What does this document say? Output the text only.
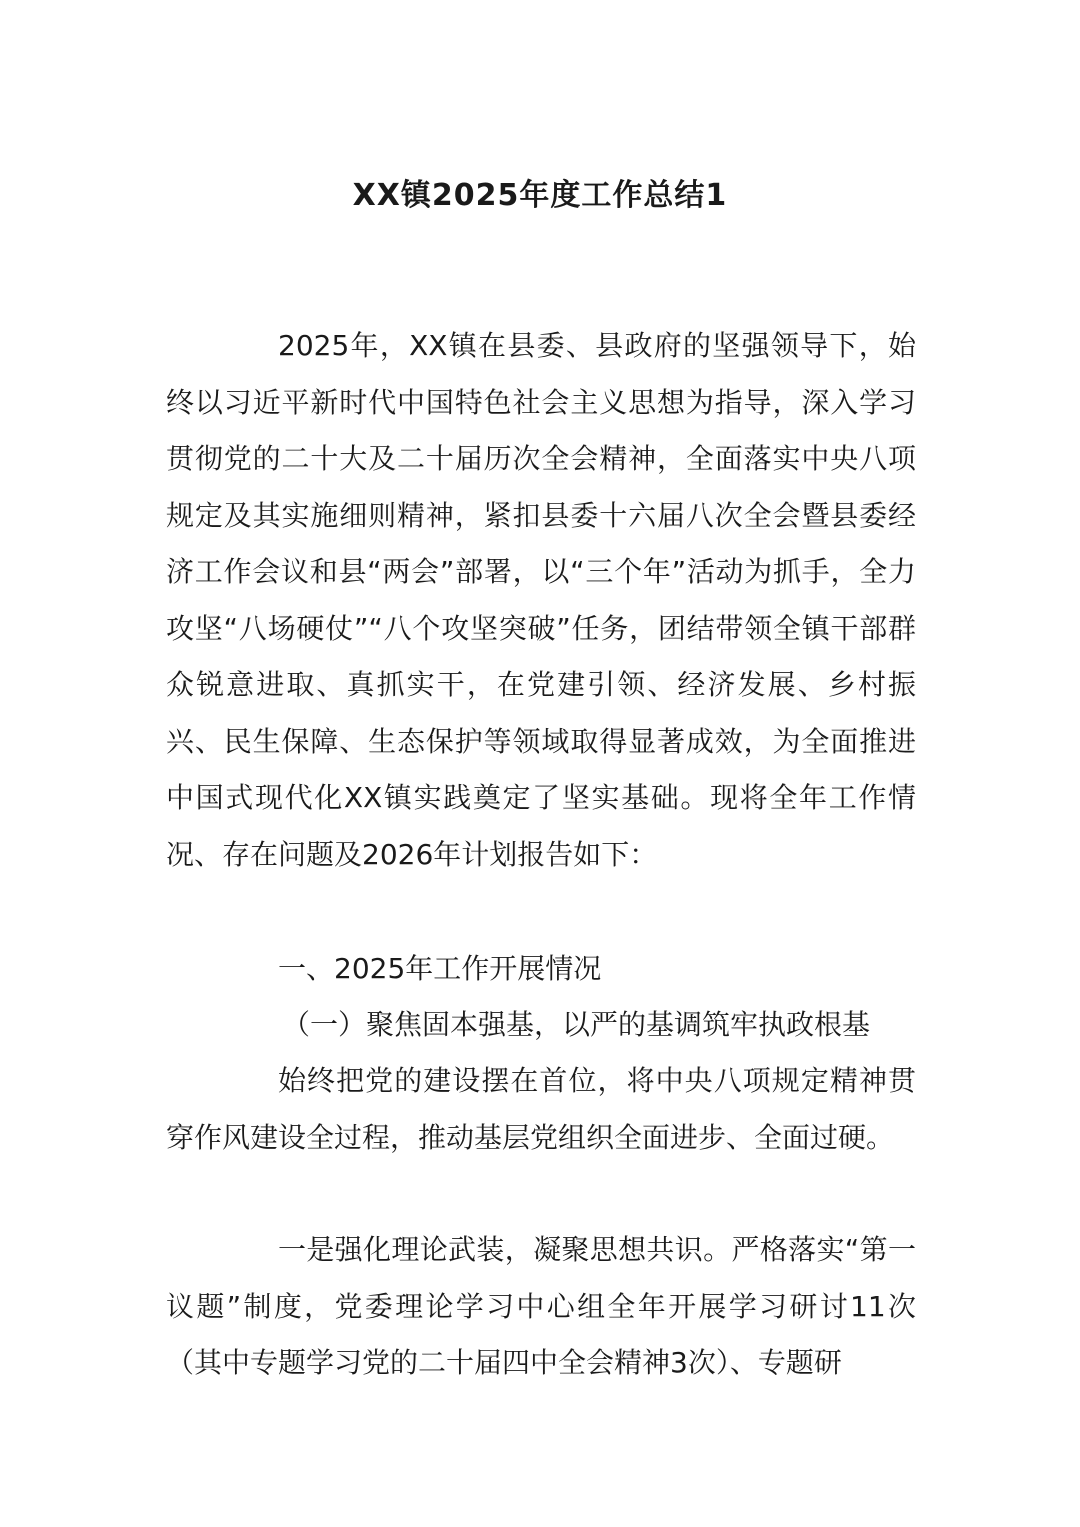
XX镇2025年度工作总结1

2025年，XX镇在县委、县政府的坚强领导下，始终以习近平新时代中国特色社会主义思想为指导，深入学习贯彻党的二十大及二十届历次全会精神，全面落实中央八项规定及其实施细则精神，紧扣县委十六届八次全会暨县委经济工作会议和县“两会”部署，以“三个年”活动为抓手，全力攻坚“八场硬仗”“八个攻坚突破”任务，团结带领全镇干部群众锐意进取、真抓实干，在党建引领、经济发展、乡村振兴、民生保障、生态保护等领域取得显著成效，为全面推进中国式现代化XX镇实践奠定了坚实基础。现将全年工作情况、存在问题及2026年计划报告如下：

一、2025年工作开展情况
（一）聚焦固本强基，以严的基调筑牢执政根基

始终把党的建设摆在首位，将中央八项规定精神贯穿作风建设全过程，推动基层党组织全面进步、全面过硬。

一是强化理论武装，凝聚思想共识。严格落实“第一议题”制度，党委理论学习中心组全年开展学习研讨11次（其中专题学习党的二十届四中全会精神3次）、专题研
